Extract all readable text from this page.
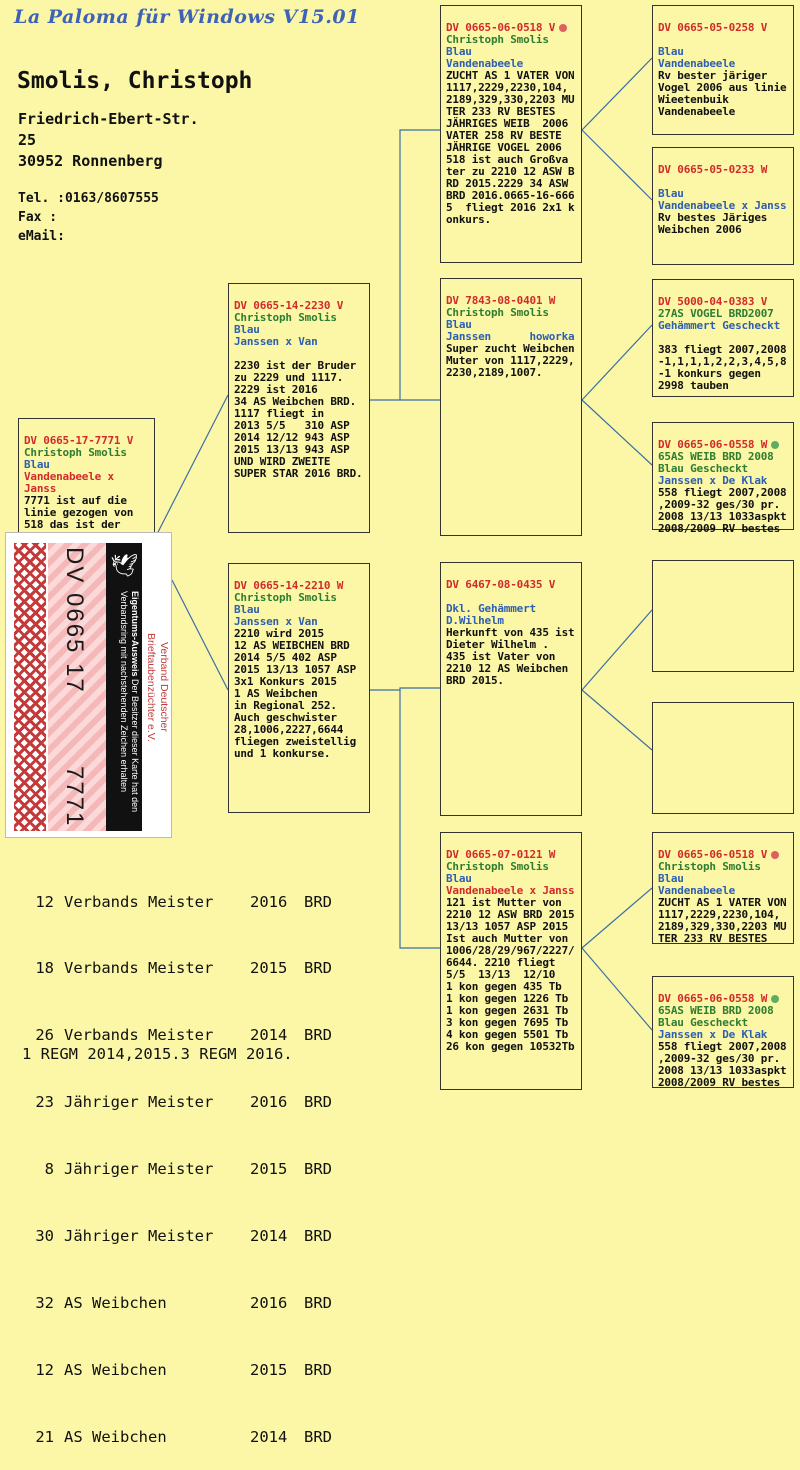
La Paloma für Windows V15.01
Smolis, Christoph
Friedrich-Ebert-Str.
25
30952 Ronnenberg
Tel. :0163/8607555
Fax :
eMail:

DV 0665-17-7771 V
Christoph Smolis
Blau
Vandenabeele x Janss
7771 ist auf die
linie gezogen von
518 das ist der

DV 0665-14-2230 V
Christoph Smolis
Blau
Janssen x Van

2230 ist der Bruder
zu 2229 und 1117.
2229 ist 2016
34 AS Weibchen BRD.
1117 fliegt in
2013 5/5   310 ASP
2014 12/12 943 ASP
2015 13/13 943 ASP
UND WIRD ZWEITE
SUPER STAR 2016 BRD.

DV 0665-14-2210 W
Christoph Smolis
Blau
Janssen x Van
2210 wird 2015
12 AS WEIBCHEN BRD
2014 5/5 402 ASP
2015 13/13 1057 ASP
3x1 Konkurs 2015
1 AS Weibchen
in Regional 252.
Auch geschwister
28,1006,2227,6644
fliegen zweistellig
und 1 konkurse.

DV 0665-06-0518 V
Christoph Smolis
Blau
Vandenabeele
ZUCHT AS 1 VATER VON
1117,2229,2230,104,
2189,329,330,2203 MU
TER 233 RV BESTES
JÄHRIGES WEIB  2006
VATER 258 RV BESTE
JÄHRIGE VOGEL 2006
518 ist auch Großva
ter zu 2210 12 ASW B
RD 2015.2229 34 ASW
BRD 2016.0665-16-666
5  fliegt 2016 2x1 k
onkurs.

DV 7843-08-0401 W
Christoph Smolis
Blau
Janssen      howorka
Super zucht Weibchen
Muter von 1117,2229,
2230,2189,1007.

DV 6467-08-0435 V

Dkl. Gehämmert
D.Wilhelm
Herkunft von 435 ist
Dieter Wilhelm .
435 ist Vater von
2210 12 AS Weibchen
BRD 2015.

DV 0665-07-0121 W
Christoph Smolis
Blau
Vandenabeele x Janss
121 ist Mutter von
2210 12 ASW BRD 2015
13/13 1057 ASP 2015
Ist auch Mutter von
1006/28/29/967/2227/
6644. 2210 fliegt
5/5  13/13  12/10
1 kon gegen 435 Tb
1 kon gegen 1226 Tb
1 kon gegen 2631 Tb
3 kon gegen 7695 Tb
4 kon gegen 5501 Tb
26 kon gegen 10532Tb

DV 0665-05-0258 V

Blau
Vandenabeele
Rv bester järiger
Vogel 2006 aus linie
Wieetenbuik
Vandenabeele

DV 0665-05-0233 W

Blau
Vandenabeele x Janss
Rv bestes Järiges
Weibchen 2006

DV 5000-04-0383 V
27AS VOGEL BRD2007
Gehämmert Gescheckt

383 fliegt 2007,2008
-1,1,1,1,2,2,3,4,5,8
-1 konkurs gegen
2998 tauben

DV 0665-06-0558 W
65AS WEIB BRD 2008
Blau Gescheckt
Janssen x De Klak
558 fliegt 2007,2008
,2009-32 ges/30 pr.
2008 13/13 1033aspkt
2008/2009 RV bestes

DV 0665-06-0518 V
Christoph Smolis
Blau
Vandenabeele
ZUCHT AS 1 VATER VON
1117,2229,2230,104,
2189,329,330,2203 MU
TER 233 RV BESTES

DV 0665-06-0558 W
65AS WEIB BRD 2008
Blau Gescheckt
Janssen x De Klak
558 fliegt 2007,2008
,2009-32 ges/30 pr.
2008 13/13 1033aspkt
2008/2009 RV bestes

DV 0665 17
7771
🕊
Eigentums-Ausweis Der Besitzer dieser Karte hat den Verbandsring mit nachstehenden Zeichen erhalten	Verband Deutscher
Brieftaubenzüchter e.V.

12 Verbands Meister	2016	BRD

18 Verbands Meister	2015	BRD

26 Verbands Meister	2014	BRD

23 Jähriger Meister	2016	BRD

8 Jähriger Meister	2015	BRD

30 Jähriger Meister	2014	BRD

32 AS Weibchen	2016	BRD

12 AS Weibchen	2015	BRD

21 AS Weibchen	2014	BRD

1 REGM 2014,2015.3 REGM 2016.
